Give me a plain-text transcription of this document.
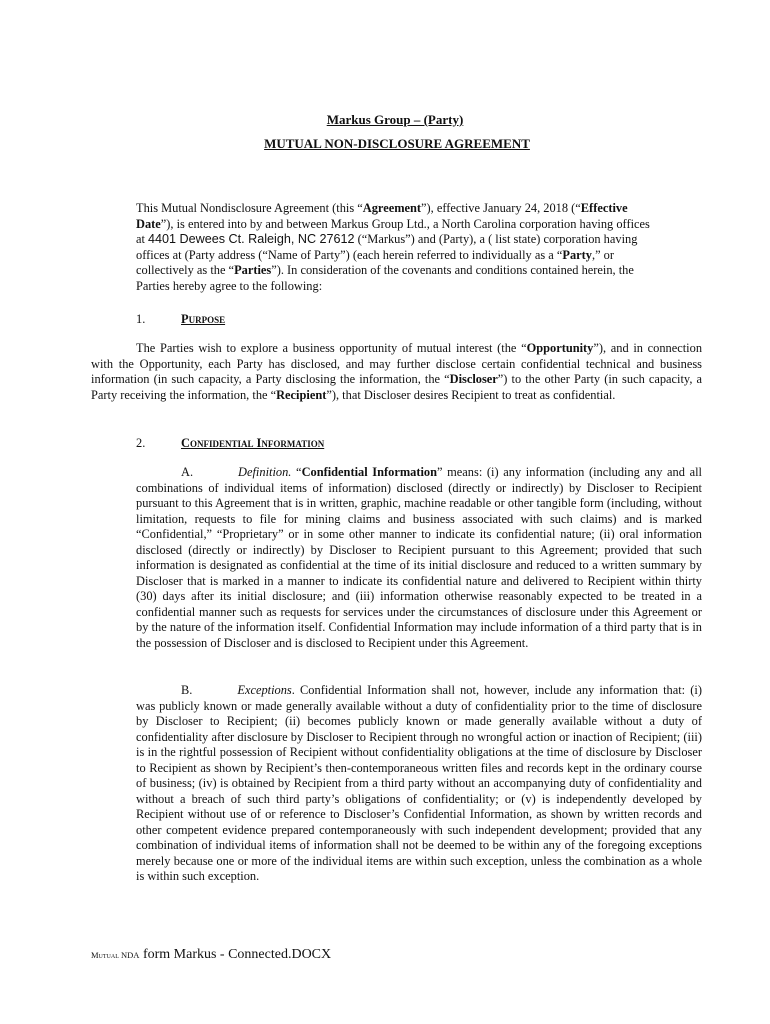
Markus Group – (Party)
MUTUAL NON-DISCLOSURE AGREEMENT
This Mutual Nondisclosure Agreement (this “Agreement”), effective January 24, 2018 (“Effective Date”), is entered into by and between Markus Group Ltd., a North Carolina corporation having offices at 4401 Dewees Ct. Raleigh, NC 27612 (“Markus”) and (Party), a ( list state) corporation having offices at (Party address (“Name of Party”) (each herein referred to individually as a “Party,” or collectively as the “Parties”). In consideration of the covenants and conditions contained herein, the Parties hereby agree to the following:
1.	Purpose
The Parties wish to explore a business opportunity of mutual interest (the “Opportunity”), and in connection with the Opportunity, each Party has disclosed, and may further disclose certain confidential technical and business information (in such capacity, a Party disclosing the information, the “Discloser”) to the other Party (in such capacity, a Party receiving the information, the “Recipient”), that Discloser desires Recipient to treat as confidential.
2.	Confidential Information
A.	Definition. “Confidential Information” means: (i) any information (including any and all combinations of individual items of information) disclosed (directly or indirectly) by Discloser to Recipient pursuant to this Agreement that is in written, graphic, machine readable or other tangible form (including, without limitation, requests to file for mining claims and business associated with such claims) and is marked “Confidential,” “Proprietary” or in some other manner to indicate its confidential nature; (ii) oral information disclosed (directly or indirectly) by Discloser to Recipient pursuant to this Agreement; provided that such information is designated as confidential at the time of its initial disclosure and reduced to a written summary by Discloser that is marked in a manner to indicate its confidential nature and delivered to Recipient within thirty (30) days after its initial disclosure; and (iii) information otherwise reasonably expected to be treated in a confidential manner such as requests for services under the circumstances of disclosure under this Agreement or by the nature of the information itself. Confidential Information may include information of a third party that is in the possession of Discloser and is disclosed to Recipient under this Agreement.
B.	Exceptions. Confidential Information shall not, however, include any information that: (i) was publicly known or made generally available without a duty of confidentiality prior to the time of disclosure by Discloser to Recipient; (ii) becomes publicly known or made generally available without a duty of confidentiality after disclosure by Discloser to Recipient through no wrongful action or inaction of Recipient; (iii) is in the rightful possession of Recipient without confidentiality obligations at the time of disclosure by Discloser to Recipient as shown by Recipient’s then-contemporaneous written files and records kept in the ordinary course of business; (iv) is obtained by Recipient from a third party without an accompanying duty of confidentiality and without a breach of such third party’s obligations of confidentiality; or (v) is independently developed by Recipient without use of or reference to Discloser’s Confidential Information, as shown by written records and other competent evidence prepared contemporaneously with such independent development; provided that any combination of individual items of information shall not be deemed to be within any of the foregoing exceptions merely because one or more of the individual items are within such exception, unless the combination as a whole is within such exception.
Mutual NDA form Markus - Connected.DOCX
